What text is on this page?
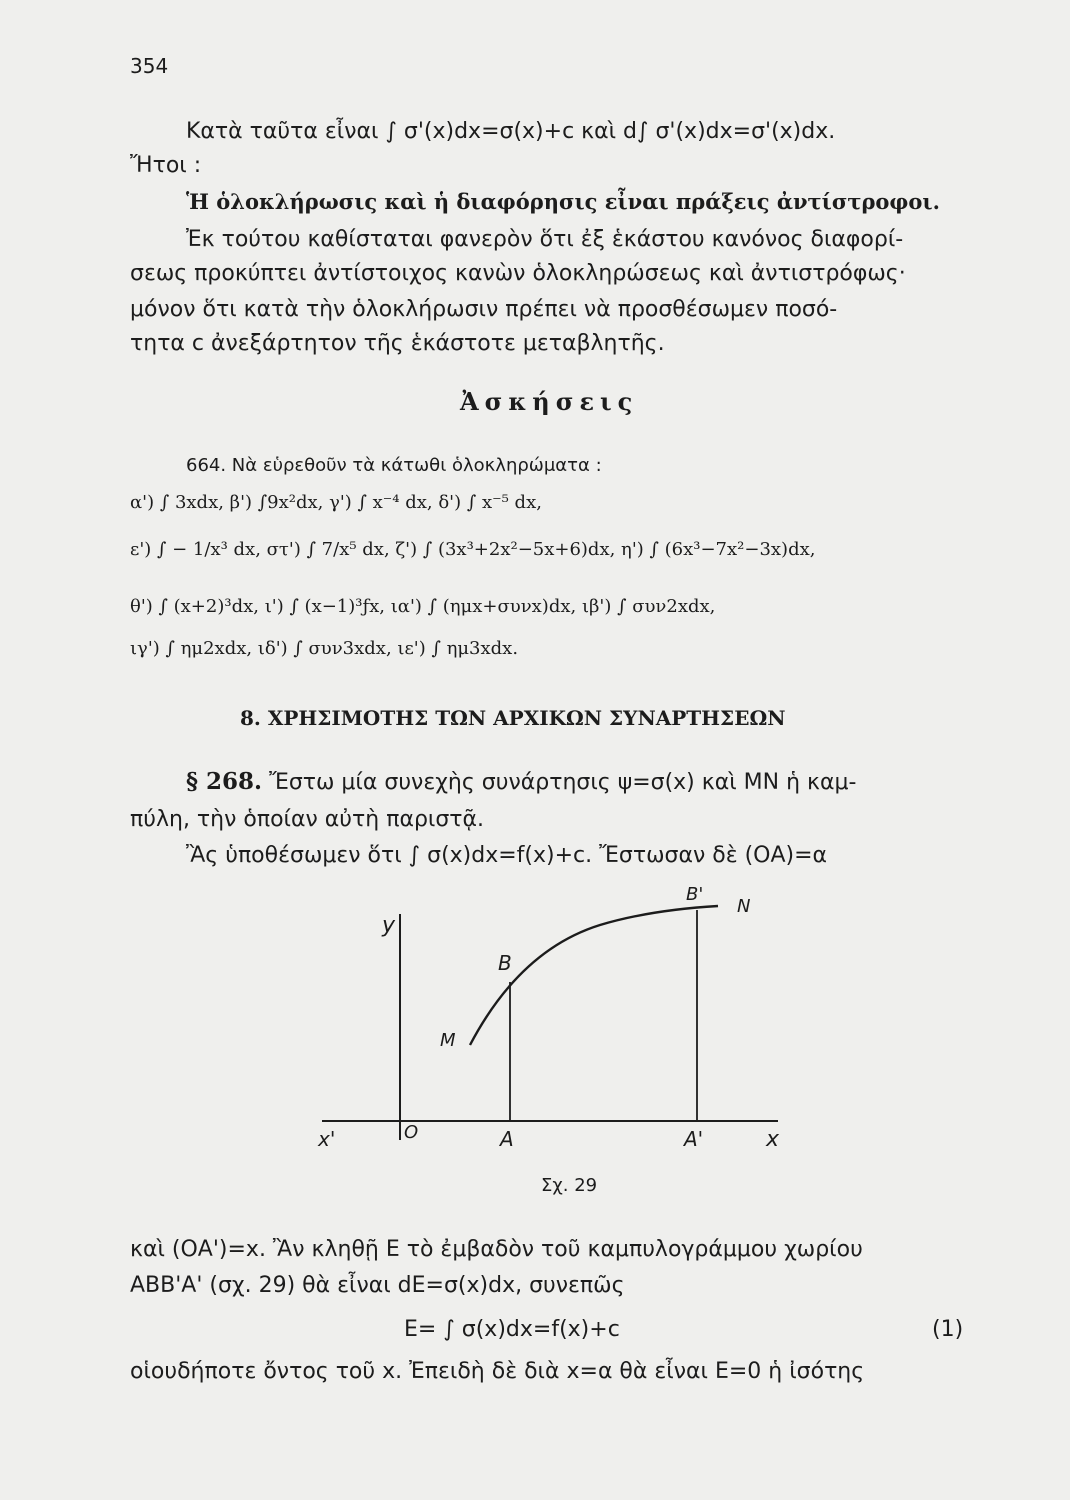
354
Κατὰ ταῦτα εἶναι ∫ σ'(x)dx=σ(x)+c καὶ d∫ σ'(x)dx=σ'(x)dx.
Ἤτοι :
Ἡ ὁλοκλήρωσις καὶ ἡ διαφόρησις εἶναι πράξεις ἀντίστροφοι.
Ἐκ τούτου καθίσταται φανερὸν ὅτι ἐξ ἑκάστου κανόνος διαφορί-
σεως προκύπτει ἀντίστοιχος κανὼν ὁλοκληρώσεως καὶ ἀντιστρόφως·
μόνον ὅτι κατὰ τὴν ὁλοκλήρωσιν πρέπει νὰ προσθέσωμεν ποσό-
τητα c ἀνεξάρτητον τῆς ἑκάστοτε μεταβλητῆς.
Ἀσκήσεις
664. Νὰ εὑρεθοῦν τὰ κάτωθι ὁλοκληρώματα :
α') ∫ 3xdx, β') ∫9x²dx, γ') ∫ x⁻⁴ dx, δ') ∫ x⁻⁵ dx,
ε') ∫ − 1/x³ dx, στ') ∫ 7/x⁵ dx, ζ') ∫ (3x³+2x²−5x+6)dx, η') ∫ (6x³−7x²−3x)dx,
θ') ∫ (x+2)³dx, ι') ∫ (x−1)³ƒx, ια') ∫ (ημx+συνx)dx, ιβ') ∫ συν2xdx,
ιγ') ∫ ημ2xdx, ιδ') ∫ συν3xdx, ιε') ∫ ημ3xdx.
8. ΧΡΗΣΙΜΟΤΗΣ ΤΩΝ ΑΡΧΙΚΩΝ ΣΥΝΑΡΤΗΣΕΩΝ
§ 268. Ἔστω μία συνεχὴς συνάρτησις ψ=σ(x) καὶ ΜΝ ἡ καμ-
πύλη, τὴν ὁποίαν αὐτὴ παριστᾷ.
Ἂς ὑποθέσωμεν ὅτι ∫ σ(x)dx=f(x)+c. Ἔστωσαν δὲ (ΟΑ)=α
y
x'	O	A	A'	x
B
B'
M
N
Σχ. 29
καὶ (ΟΑ')=x. Ἂν κληθῇ Ε τὸ ἐμβαδὸν τοῦ καμπυλογράμμου χωρίου
ΑΒΒ'Α' (σχ. 29) θὰ εἶναι dE=σ(x)dx, συνεπῶς
E= ∫ σ(x)dx=f(x)+c	(1)
οἱουδήποτε ὄντος τοῦ x. Ἐπειδὴ δὲ διὰ x=α θὰ εἶναι Ε=0 ἡ ἰσότης
